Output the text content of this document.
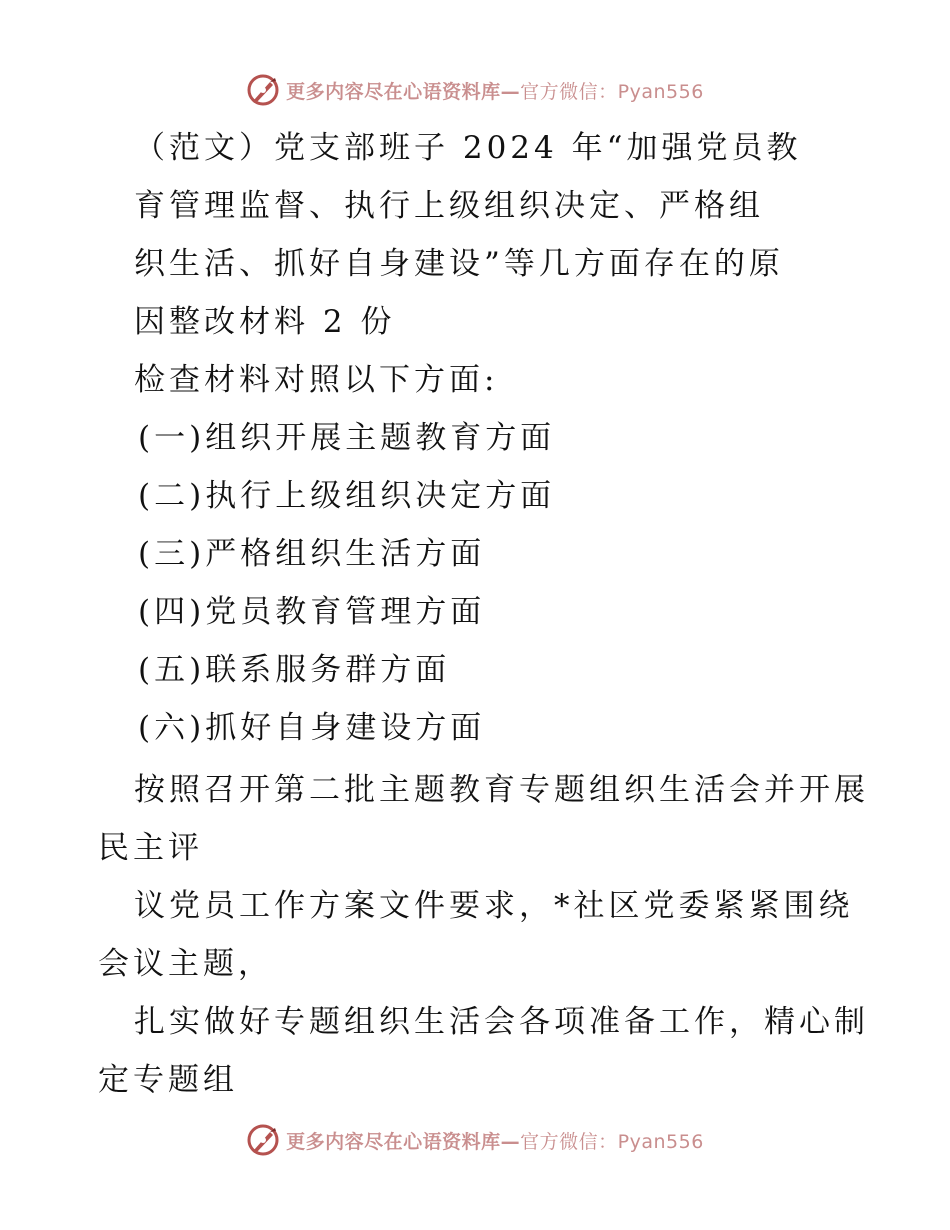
更多内容尽在心语资料库—官方微信：Pyan556
（范文）党支部班子 2024 年“加强党员教
育管理监督、执行上级组织决定、严格组
织生活、抓好自身建设”等几方面存在的原
因整改材料 2 份
检查材料对照以下方面:
(一)组织开展主题教育方面
(二)执行上级组织决定方面
(三)严格组织生活方面
(四)党员教育管理方面
(五)联系服务群方面
(六)抓好自身建设方面
按照召开第二批主题教育专题组织生活会并开展
民主评
议党员工作方案文件要求，*社区党委紧紧围绕
会议主题，
扎实做好专题组织生活会各项准备工作，精心制
定专题组
更多内容尽在心语资料库—官方微信：Pyan556
